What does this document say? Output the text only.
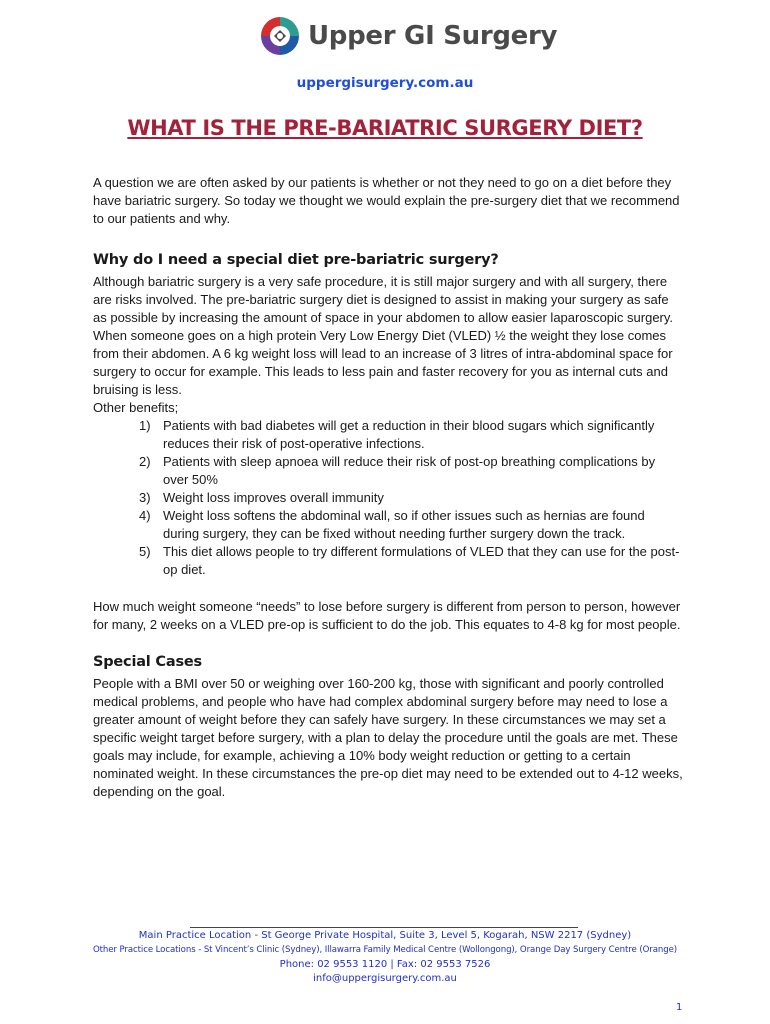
Upper GI Surgery
uppergisurgery.com.au
WHAT IS THE PRE-BARIATRIC SURGERY DIET?

A question we are often asked by our patients is whether or not they need to go on a diet before they have bariatric surgery. So today we thought we would explain the pre-surgery diet that we recommend to our patients and why.

Why do I need a special diet pre-bariatric surgery?

Although bariatric surgery is a very safe procedure, it is still major surgery and with all surgery, there are risks involved. The pre-bariatric surgery diet is designed to assist in making your surgery as safe as possible by increasing the amount of space in your abdomen to allow easier laparoscopic surgery. When someone goes on a high protein Very Low Energy Diet (VLED) ½ the weight they lose comes from their abdomen. A 6 kg weight loss will lead to an increase of 3 litres of intra-abdominal space for surgery to occur for example. This leads to less pain and faster recovery for you as internal cuts and bruising is less.

Other benefits;

1) Patients with bad diabetes will get a reduction in their blood sugars which significantly reduces their risk of post-operative infections.
2) Patients with sleep apnoea will reduce their risk of post-op breathing complications by over 50%
3) Weight loss improves overall immunity
4) Weight loss softens the abdominal wall, so if other issues such as hernias are found during surgery, they can be fixed without needing further surgery down the track.
5) This diet allows people to try different formulations of VLED that they can use for the post-op diet.

How much weight someone “needs” to lose before surgery is different from person to person, however for many, 2 weeks on a VLED pre-op is sufficient to do the job. This equates to 4-8 kg for most people.

Special Cases

People with a BMI over 50 or weighing over 160-200 kg, those with significant and poorly controlled medical problems, and people who have had complex abdominal surgery before may need to lose a greater amount of weight before they can safely have surgery. In these circumstances we may set a specific weight target before surgery, with a plan to delay the procedure until the goals are met. These goals may include, for example, achieving a 10% body weight reduction or getting to a certain nominated weight. In these circumstances the pre-op diet may need to be extended out to 4-12 weeks, depending on the goal.

Main Practice Location - St George Private Hospital, Suite 3, Level 5, Kogarah, NSW 2217 (Sydney)
Other Practice Locations - St Vincent’s Clinic (Sydney), Illawarra Family Medical Centre (Wollongong), Orange Day Surgery Centre (Orange)
Phone: 02 9553 1120 | Fax: 02 9553 7526
info@uppergisurgery.com.au
1
